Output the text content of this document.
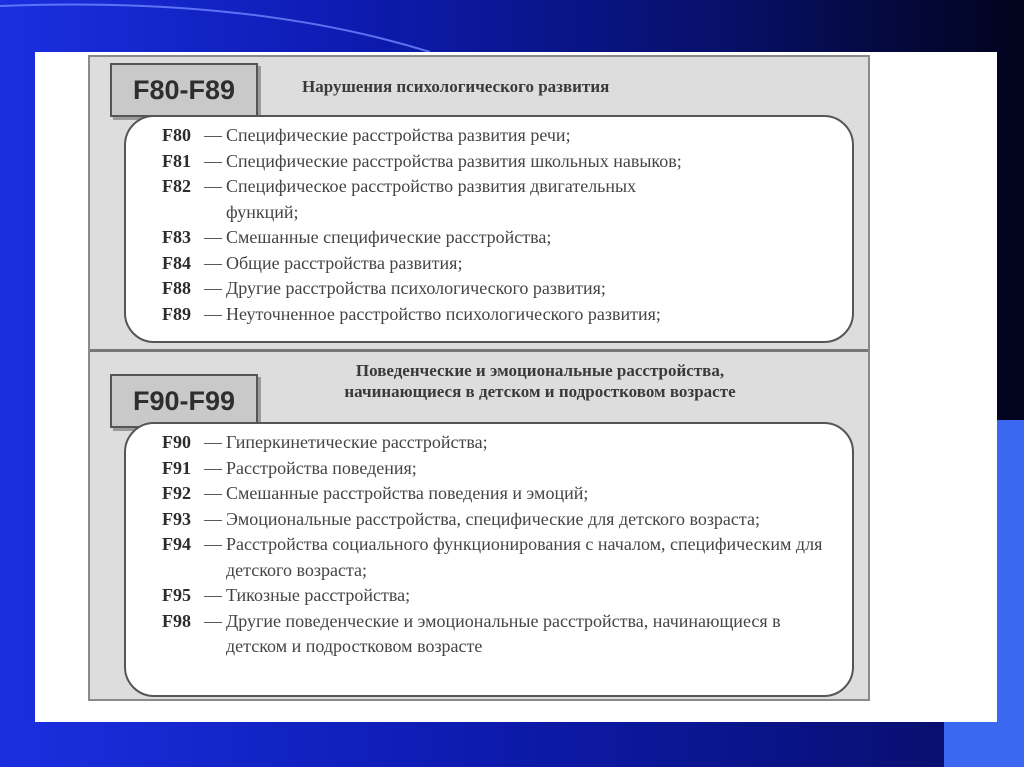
F80-F89	Нарушения психологического развития
F80 — Специфические расстройства развития речи;
F81 — Специфические расстройства развития школьных навыков;
F82 — Специфическое расстройство развития двигательных функций;
F83 — Смешанные специфические расстройства;
F84 — Общие расстройства развития;
F88 — Другие расстройства психологического развития;
F89 — Неуточненное расстройство психологического развития;
F90-F99
Поведенческие и эмоциональные расстройства,
начинающиеся в детском и подростковом возрасте
F90 — Гиперкинетические расстройства;
F91 — Расстройства поведения;
F92 — Смешанные расстройства поведения и эмоций;
F93 — Эмоциональные расстройства, специфические для детского возраста;
F94 — Расстройства социального функционирования с началом, специфическим для детского возраста;
F95 — Тикозные расстройства;
F98 — Другие поведенческие и эмоциональные расстройства, начинающиеся в детском и подростковом возрасте
